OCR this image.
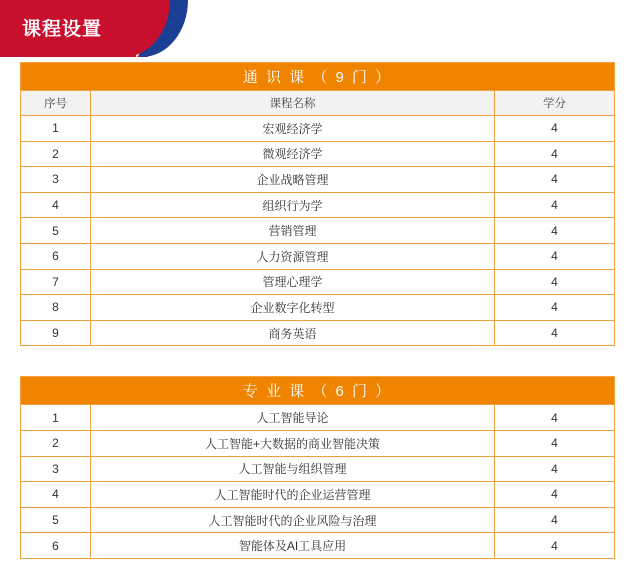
课程设置
通 识 课 （ 9 门 ）		
序号	课程名称	学分
1	宏观经济学	4
2	微观经济学	4
3	企业战略管理	4
4	组织行为学	4
5	营销管理	4
6	人力资源管理	4
7	管理心理学	4
8	企业数字化转型	4
9	商务英语	4
专 业 课 （ 6 门 ）		
1	人工智能导论	4
2	人工智能+大数据的商业智能决策	4
3	人工智能与组织管理	4
4	人工智能时代的企业运营管理	4
5	人工智能时代的企业风险与治理	4
6	智能体及AI工具应用	4
